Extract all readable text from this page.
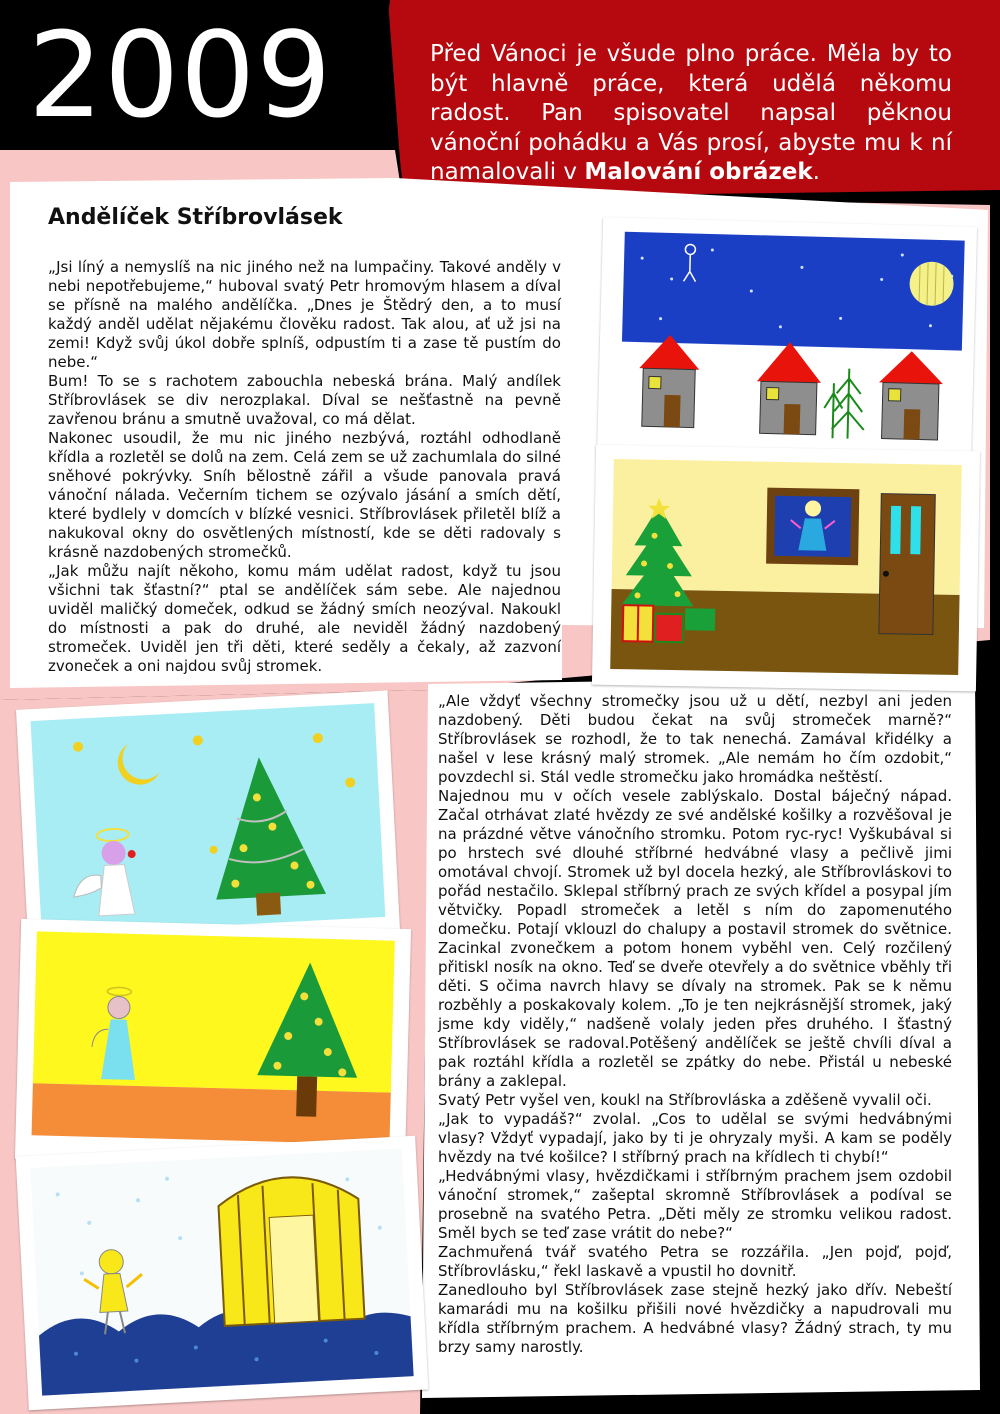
2009	Před Vánoci je všude plno práce. Měla by to být hlavně práce, která udělá někomu radost. Pan spisovatel napsal pěknou vánoční pohádku a Vás prosí, abyste mu k ní namalovali v Malování obrázek.
Andělíček Stříbrovlásek

„Jsi líný a nemyslíš na nic jiného než na lumpačiny. Takové anděly v nebi nepotřebujeme,“ huboval svatý Petr hromovým hlasem a díval se přísně na malého andělíčka. „Dnes je Štědrý den, a to musí každý anděl udělat nějakému člověku radost. Tak alou, ať už jsi na zemi! Když svůj úkol dobře splníš, odpustím ti a zase tě pustím do nebe.“

Bum! To se s rachotem zabouchla nebeská brána. Malý andílek Stříbrovlásek se div nerozplakal. Díval se nešťastně na pevně zavřenou bránu a smutně uvažoval, co má dělat.

Nakonec usoudil, že mu nic jiného nezbývá, roztáhl odhodlaně křídla a rozletěl se dolů na zem. Celá zem se už zachumlala do silné sněhové pokrývky. Sníh bělostně zářil a všude panovala pravá vánoční nálada. Večerním tichem se ozývalo jásání a smích dětí, které bydlely v domcích v blízké vesnici. Stříbrovlásek přiletěl blíž a nakukoval okny do osvětlených místností, kde se děti radovaly s krásně nazdobených stromečků.

„Jak můžu najít někoho, komu mám udělat radost, když tu jsou všichni tak šťastní?“ ptal se andělíček sám sebe. Ale najednou uviděl maličký domeček, odkud se žádný smích neozýval. Nakoukl do místnosti a pak do druhé, ale neviděl žádný nazdobený stromeček. Uviděl jen tři děti, které seděly a čekaly, až zazvoní zvoneček a oni najdou svůj stromek.

„Ale vždyť všechny stromečky jsou už u dětí, nezbyl ani jeden nazdobený. Děti budou čekat na svůj stromeček marně?“ Stříbrovlásek se rozhodl, že to tak nenechá. Zamával křidélky a našel v lese krásný malý stromek. „Ale nemám ho čím ozdobit,“ povzdechl si. Stál vedle stromečku jako hromádka neštěstí.

Najednou mu v očích vesele zablýskalo. Dostal báječný nápad. Začal otrhávat zlaté hvězdy ze své andělské košilky a rozvěšoval je na prázdné větve vánočního stromku. Potom ryc-ryc! Vyškubával si po hrstech své dlouhé stříbrné hedvábné vlasy a pečlivě jimi omotával chvojí. Stromek už byl docela hezký, ale Stříbrovláskovi to pořád nestačilo. Sklepal stříbrný prach ze svých křídel a posypal jím větvičky. Popadl stromeček a letěl s ním do zapomenutého domečku. Potají vklouzl do chalupy a postavil stromek do světnice. Zacinkal zvonečkem a potom honem vyběhl ven. Celý rozčilený přitiskl nosík na okno. Teď se dveře otevřely a do světnice vběhly tři děti. S očima navrch hlavy se dívaly na stromek. Pak se k němu rozběhly a poskakovaly kolem. „To je ten nejkrásnější stromek, jaký jsme kdy viděly,“ nadšeně volaly jeden přes druhého. I šťastný Stříbrovlásek se radoval.Potěšený andělíček se ještě chvíli díval a pak roztáhl křídla a rozletěl se zpátky do nebe. Přistál u nebeské brány a zaklepal.

Svatý Petr vyšel ven, koukl na Stříbrovláska a zděšeně vyvalil oči.

„Jak to vypadáš?“ zvolal. „Cos to udělal se svými hedvábnými vlasy? Vždyť vypadají, jako by ti je ohryzaly myši. A kam se poděly hvězdy na tvé košilce? I stříbrný prach na křídlech ti chybí!“

„Hedvábnými vlasy, hvězdičkami i stříbrným prachem jsem ozdobil vánoční stromek,“ zašeptal skromně Stříbrovlásek a podíval se prosebně na svatého Petra. „Děti měly ze stromku velikou radost. Směl bych se teď zase vrátit do nebe?“

Zachmuřená tvář svatého Petra se rozzářila. „Jen pojď, pojď, Stříbrovlásku,“ řekl laskavě a vpustil ho dovnitř.

Zanedlouho byl Stříbrovlásek zase stejně hezký jako dřív. Nebeští kamarádi mu na košilku přišili nové hvězdičky a napudrovali mu křídla stříbrným prachem. A hedvábné vlasy? Žádný strach, ty mu brzy samy narostly.
